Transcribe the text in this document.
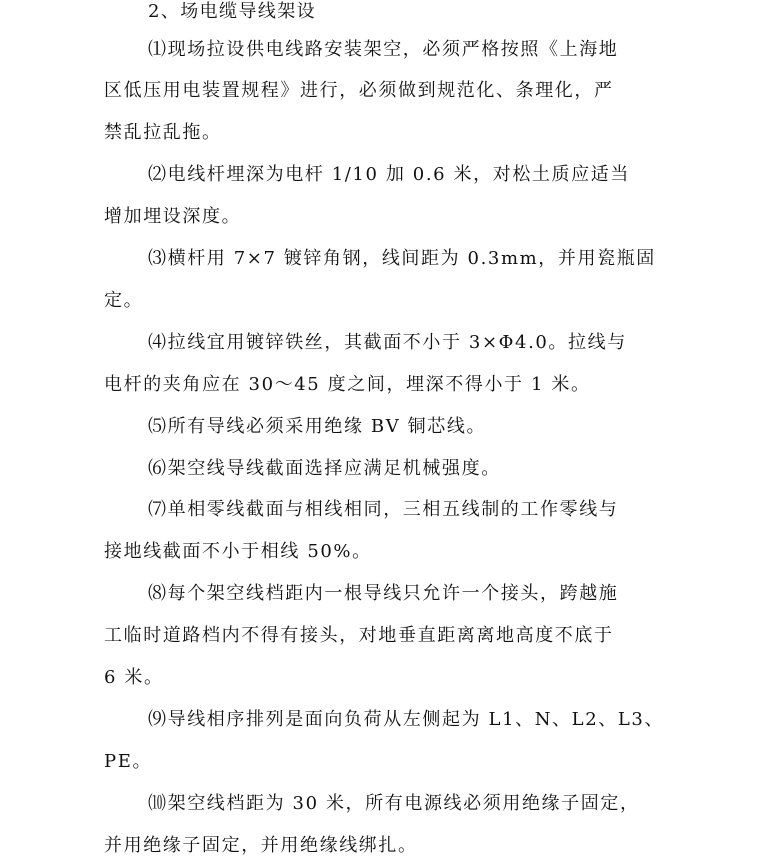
2、场电缆导线架设
⑴现场拉设供电线路安装架空，必须严格按照《上海地
区低压用电装置规程》进行，必须做到规范化、条理化，严
禁乱拉乱拖。
⑵电线杆埋深为电杆 1/10 加 0.6 米，对松土质应适当
增加埋设深度。
⑶横杆用 7×7 镀锌角钢，线间距为 0.3mm，并用瓷瓶固
定。
⑷拉线宜用镀锌铁丝，其截面不小于 3×Φ4.0。拉线与
电杆的夹角应在 30～45 度之间，埋深不得小于 1 米。
⑸所有导线必须采用绝缘 BV 铜芯线。
⑹架空线导线截面选择应满足机械强度。
⑺单相零线截面与相线相同，三相五线制的工作零线与
接地线截面不小于相线 50%。
⑻每个架空线档距内一根导线只允许一个接头，跨越施
工临时道路档内不得有接头，对地垂直距离离地高度不底于
6 米。
⑼导线相序排列是面向负荷从左侧起为 L1、N、L2、L3、
PE。
⑽架空线档距为 30 米，所有电源线必须用绝缘子固定，
并用绝缘子固定，并用绝缘线绑扎。
